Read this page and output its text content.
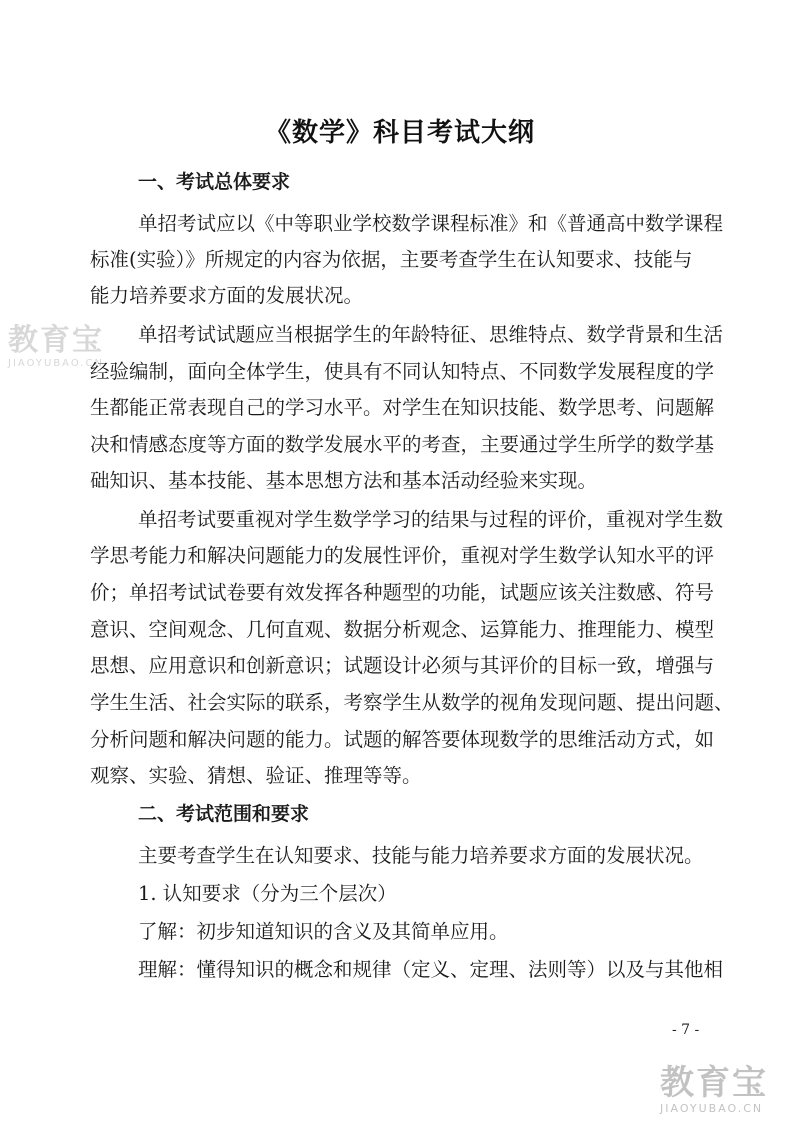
《数学》科目考试大纲
一、考试总体要求
单招考试应以《中等职业学校数学课程标准》和《普通高中数学课程
标准(实验）》所规定的内容为依据，主要考查学生在认知要求、技能与
能力培养要求方面的发展状况。
单招考试试题应当根据学生的年龄特征、思维特点、数学背景和生活
经验编制，面向全体学生，使具有不同认知特点、不同数学发展程度的学
生都能正常表现自己的学习水平。对学生在知识技能、数学思考、问题解
决和情感态度等方面的数学发展水平的考查，主要通过学生所学的数学基
础知识、基本技能、基本思想方法和基本活动经验来实现。
单招考试要重视对学生数学学习的结果与过程的评价，重视对学生数
学思考能力和解决问题能力的发展性评价，重视对学生数学认知水平的评
价；单招考试试卷要有效发挥各种题型的功能，试题应该关注数感、符号
意识、空间观念、几何直观、数据分析观念、运算能力、推理能力、模型
思想、应用意识和创新意识；试题设计必须与其评价的目标一致，增强与
学生生活、社会实际的联系，考察学生从数学的视角发现问题、提出问题、
分析问题和解决问题的能力。试题的解答要体现数学的思维活动方式，如
观察、实验、猜想、验证、推理等等。
二、考试范围和要求
主要考查学生在认知要求、技能与能力培养要求方面的发展状况。
1. 认知要求（分为三个层次）
了解：初步知道知识的含义及其简单应用。
理解：懂得知识的概念和规律（定义、定理、法则等）以及与其他相
- 7 -
教育宝
JIAOYUBAO.CN
教育宝
JIAOYUBAO.CN
